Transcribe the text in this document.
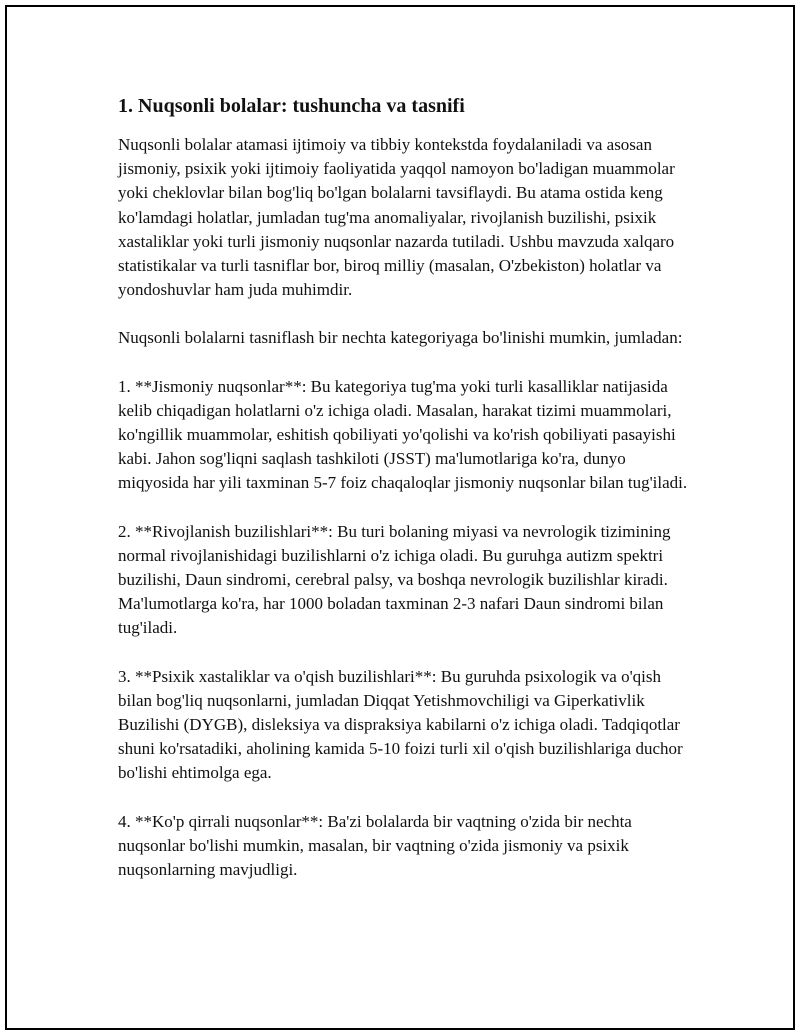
1. Nuqsonli bolalar: tushuncha va tasnifi

Nuqsonli bolalar atamasi ijtimoiy va tibbiy kontekstda foydalaniladi va asosan jismoniy, psixik yoki ijtimoiy faoliyatida yaqqol namoyon bo'ladigan muammolar yoki cheklovlar bilan bog'liq bo'lgan bolalarni tavsiflaydi. Bu atama ostida keng ko'lamdagi holatlar, jumladan tug'ma anomaliyalar, rivojlanish buzilishi, psixik xastaliklar yoki turli jismoniy nuqsonlar nazarda tutiladi. Ushbu mavzuda xalqaro statistikalar va turli tasniflar bor, biroq milliy (masalan, O'zbekiston) holatlar va yondoshuvlar ham juda muhimdir.

Nuqsonli bolalarni tasniflash bir nechta kategoriyaga bo'linishi mumkin, jumladan:

1. **Jismoniy nuqsonlar**: Bu kategoriya tug'ma yoki turli kasalliklar natijasida kelib chiqadigan holatlarni o'z ichiga oladi. Masalan, harakat tizimi muammolari, ko'ngillik muammolar, eshitish qobiliyati yo'qolishi va ko'rish qobiliyati pasayishi kabi. Jahon sog'liqni saqlash tashkiloti (JSST) ma'lumotlariga ko'ra, dunyo miqyosida har yili taxminan 5-7 foiz chaqaloqlar jismoniy nuqsonlar bilan tug'iladi.

2. **Rivojlanish buzilishlari**: Bu turi bolaning miyasi va nevrologik tizimining normal rivojlanishidagi buzilishlarni o'z ichiga oladi. Bu guruhga autizm spektri buzilishi, Daun sindromi, cerebral palsy, va boshqa nevrologik buzilishlar kiradi. Ma'lumotlarga ko'ra, har 1000 boladan taxminan 2-3 nafari Daun sindromi bilan tug'iladi.

3. **Psixik xastaliklar va o'qish buzilishlari**: Bu guruhda psixologik va o'qish bilan bog'liq nuqsonlarni, jumladan Diqqat Yetishmovchiligi va Giperkativlik Buzilishi (DYGB), disleksiya va dispraksiya kabilarni o'z ichiga oladi. Tadqiqotlar shuni ko'rsatadiki, aholining kamida 5-10 foizi turli xil o'qish buzilishlariga duchor bo'lishi ehtimolga ega.

4. **Ko'p qirrali nuqsonlar**: Ba'zi bolalarda bir vaqtning o'zida bir nechta nuqsonlar bo'lishi mumkin, masalan, bir vaqtning o'zida jismoniy va psixik nuqsonlarning mavjudligi.
